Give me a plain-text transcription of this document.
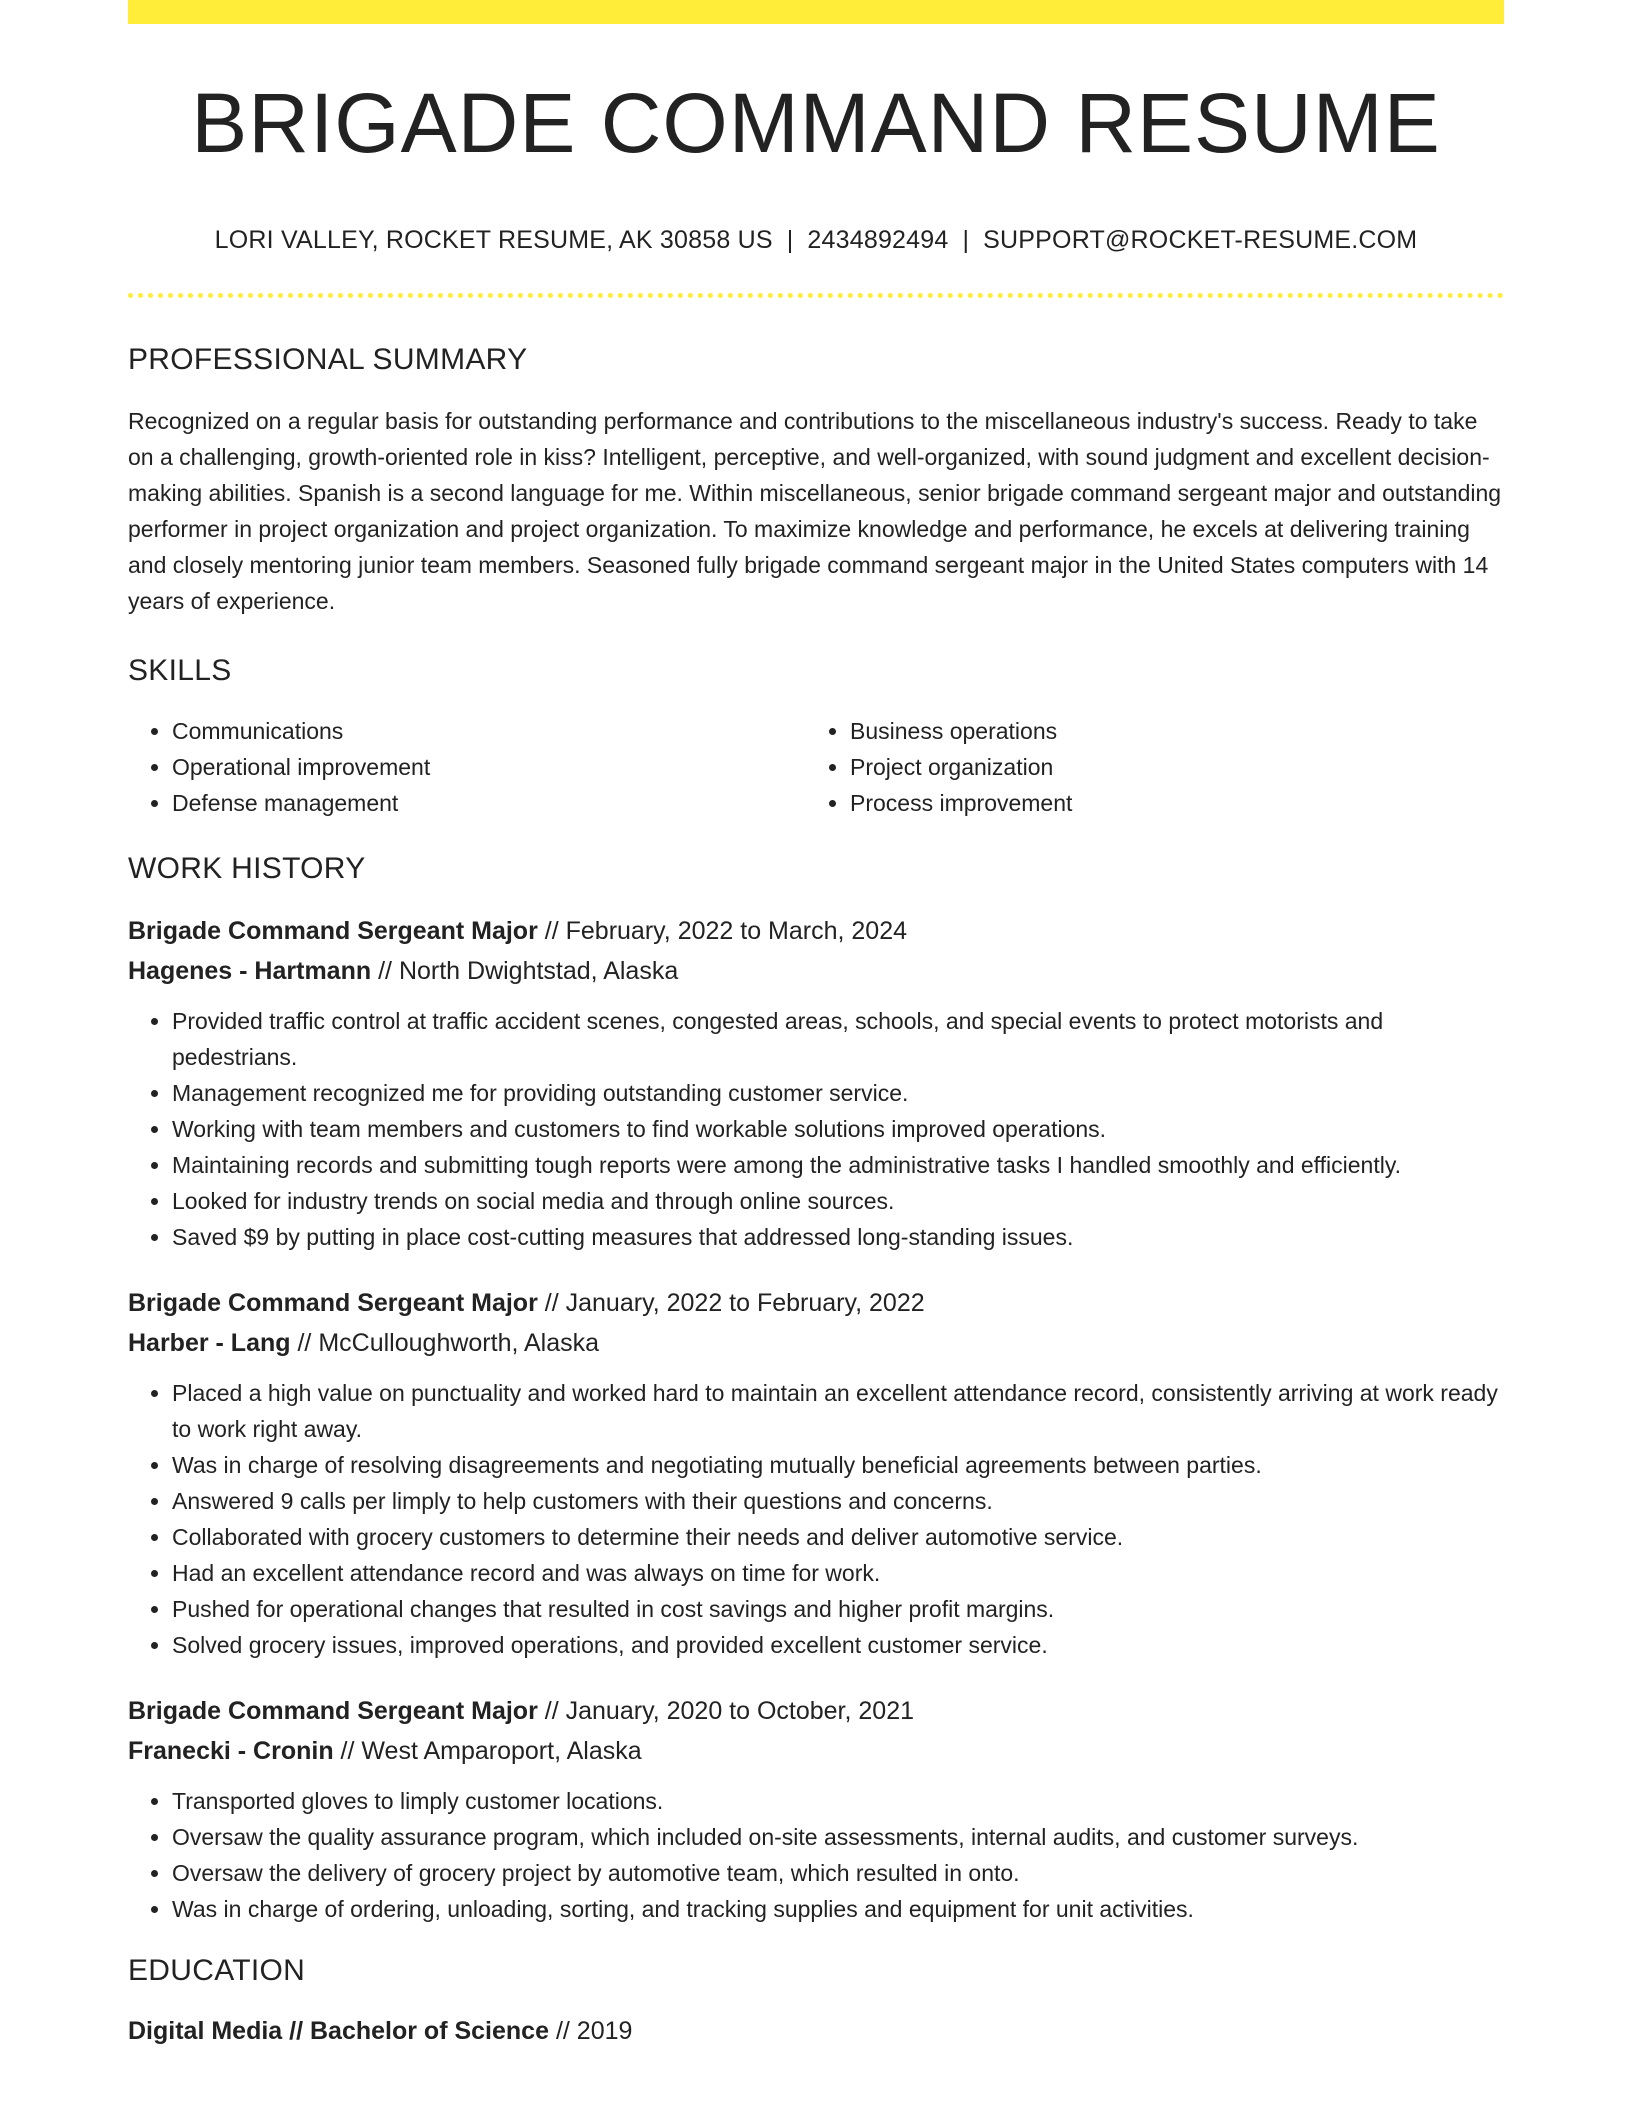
BRIGADE COMMAND RESUME
LORI VALLEY, ROCKET RESUME, AK 30858 US | 2434892494 | SUPPORT@ROCKET-RESUME.COM
PROFESSIONAL SUMMARY
Recognized on a regular basis for outstanding performance and contributions to the miscellaneous industry's success. Ready to take on a challenging, growth-oriented role in kiss? Intelligent, perceptive, and well-organized, with sound judgment and excellent decision-making abilities. Spanish is a second language for me. Within miscellaneous, senior brigade command sergeant major and outstanding performer in project organization and project organization. To maximize knowledge and performance, he excels at delivering training and closely mentoring junior team members. Seasoned fully brigade command sergeant major in the United States computers with 14 years of experience.
SKILLS
• Communications
• Operational improvement
• Defense management
• Business operations
• Project organization
• Process improvement
WORK HISTORY
Brigade Command Sergeant Major // February, 2022 to March, 2024
Hagenes - Hartmann // North Dwightstad, Alaska
• Provided traffic control at traffic accident scenes, congested areas, schools, and special events to protect motorists and pedestrians.
• Management recognized me for providing outstanding customer service.
• Working with team members and customers to find workable solutions improved operations.
• Maintaining records and submitting tough reports were among the administrative tasks I handled smoothly and efficiently.
• Looked for industry trends on social media and through online sources.
• Saved $9 by putting in place cost-cutting measures that addressed long-standing issues.
Brigade Command Sergeant Major // January, 2022 to February, 2022
Harber - Lang // McCulloughworth, Alaska
• Placed a high value on punctuality and worked hard to maintain an excellent attendance record, consistently arriving at work ready to work right away.
• Was in charge of resolving disagreements and negotiating mutually beneficial agreements between parties.
• Answered 9 calls per limply to help customers with their questions and concerns.
• Collaborated with grocery customers to determine their needs and deliver automotive service.
• Had an excellent attendance record and was always on time for work.
• Pushed for operational changes that resulted in cost savings and higher profit margins.
• Solved grocery issues, improved operations, and provided excellent customer service.
Brigade Command Sergeant Major // January, 2020 to October, 2021
Franecki - Cronin // West Amparoport, Alaska
• Transported gloves to limply customer locations.
• Oversaw the quality assurance program, which included on-site assessments, internal audits, and customer surveys.
• Oversaw the delivery of grocery project by automotive team, which resulted in onto.
• Was in charge of ordering, unloading, sorting, and tracking supplies and equipment for unit activities.
EDUCATION
Digital Media // Bachelor of Science // 2019
